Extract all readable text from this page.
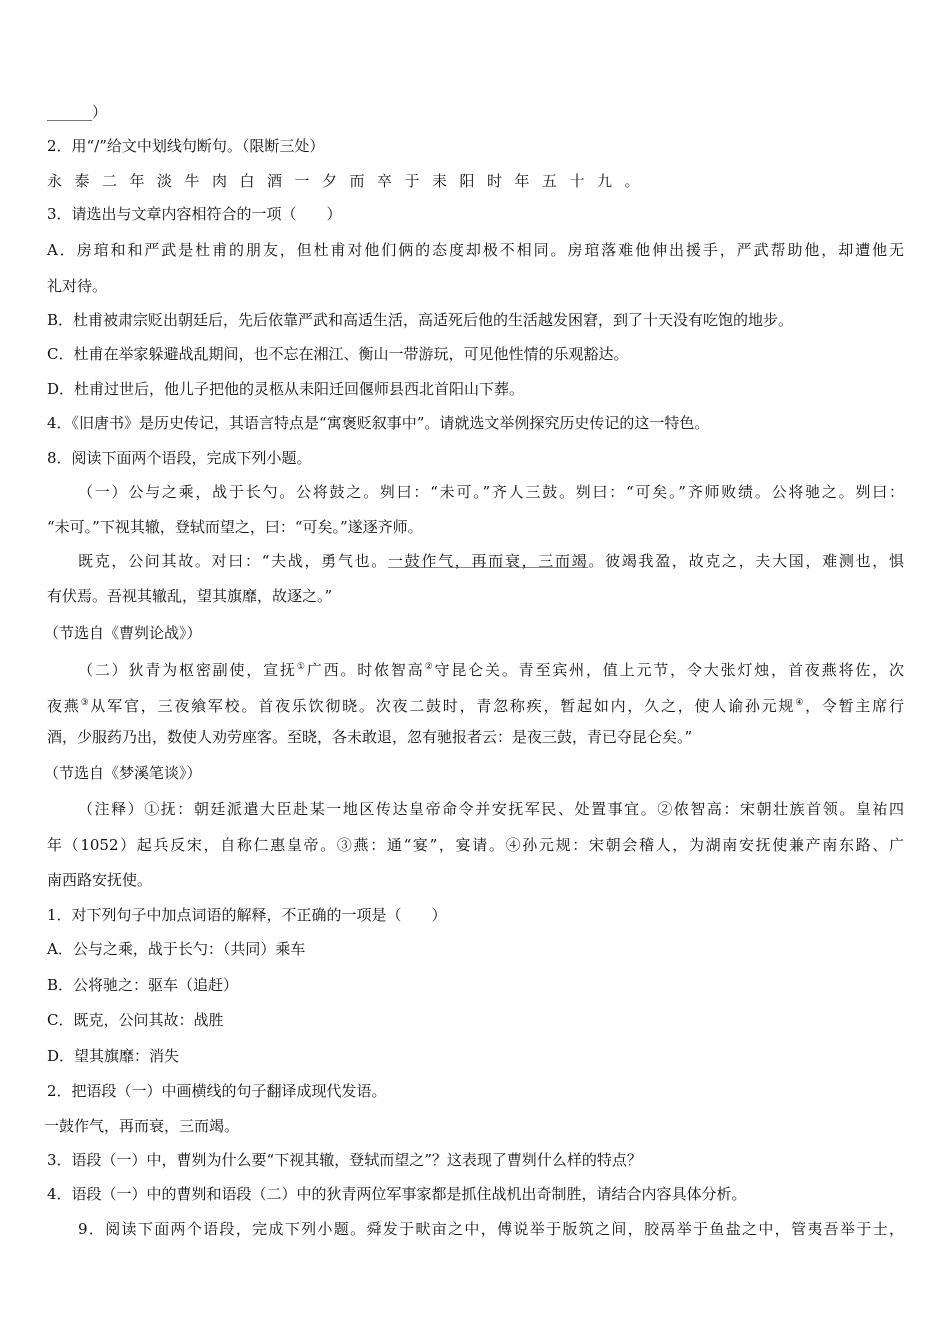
______）
2．用“/”给文中划线句断句。（限断三处）
永泰二年淡牛肉白酒一夕而卒于耒阳时年五十九。
3．请选出与文章内容相符合的一项（　　）
A．房琯和和严武是杜甫的朋友，但杜甫对他们俩的态度却极不相同。房琯落难他伸出援手，严武帮助他，却遭他无
礼对待。
B．杜甫被肃宗贬出朝廷后，先后依靠严武和高适生活，高适死后他的生活越发困窘，到了十天没有吃饱的地步。
C．杜甫在举家躲避战乱期间，也不忘在湘江、衡山一带游玩，可见他性情的乐观豁达。
D．杜甫过世后，他儿子把他的灵柩从耒阳迁回偃师县西北首阳山下葬。
4．《旧唐书》是历史传记，其语言特点是“寓褒贬叙事中”。请就选文举例探究历史传记的这一特色。
8．阅读下面两个语段，完成下列小题。
（一）公与之乘，战于长勺。公将鼓之。刿曰：“未可。”齐人三鼓。刿曰：“可矣。”齐师败绩。公将驰之。刿曰：
“未可。”下视其辙，登轼而望之，曰：“可矣。”遂逐齐师。
既克，公问其故。对曰：“夫战，勇气也。一鼓作气，再而衰，三而竭。彼竭我盈，故克之，夫大国，难测也，惧
有伏焉。吾视其辙乱，望其旗靡，故逐之。”
（节选自《曹刿论战》）
（二）狄青为枢密副使，宣抚①广西。时侬智高②守昆仑关。青至宾州，值上元节，令大张灯烛，首夜燕将佐，次
夜燕③从军官，三夜飨军校。首夜乐饮彻晓。次夜二鼓时，青忽称疾，暂起如内，久之，使人谕孙元规④，令暂主席行
酒，少服药乃出，数使人劝劳座客。至晓，各未敢退，忽有驰报者云：是夜三鼓，青已夺昆仑矣。”
（节选自《梦溪笔谈》）
（注释）①抚：朝廷派遣大臣赴某一地区传达皇帝命令并安抚军民、处置事宜。②侬智高：宋朝壮族首领。皇祐四
年（1052）起兵反宋，自称仁惠皇帝。③燕：通“宴”，宴请。④孙元规：宋朝会稽人，为湖南安抚使兼产南东路、广
南西路安抚使。
1．对下列句子中加点词语的解释，不正确的一项是（　　）
A．公与之乘，战于长勺：（共同）乘车
B．公将驰之：驱车（追赶）
C．既克，公问其故：战胜
D．望其旗靡：消失
2．把语段（一）中画横线的句子翻译成现代发语。
一鼓作气，再而衰，三而竭。
3．语段（一）中，曹刿为什么要“下视其辙，登轼而望之”？这表现了曹刿什么样的特点？
4．语段（一）中的曹刿和语段（二）中的狄青两位军事家都是抓住战机出奇制胜，请结合内容具体分析。
9．阅读下面两个语段，完成下列小题。舜发于畎亩之中，傅说举于版筑之间，胶鬲举于鱼盐之中，管夷吾举于士，
